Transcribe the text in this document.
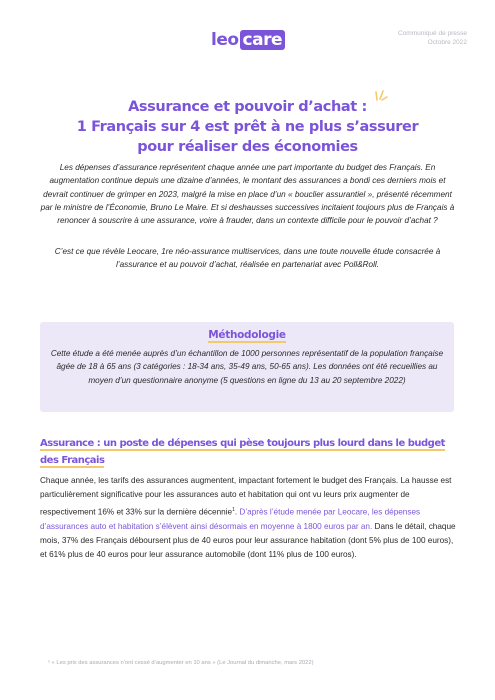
leo care	Communiqué de presse
Octobre 2022
Assurance et pouvoir d’achat :
1 Français sur 4 est prêt à ne plus s’assurer
pour réaliser des économies
Les dépenses d’assurance représentent chaque année une part importante du budget des Français. En augmentation continue depuis une dizaine d’années, le montant des assurances a bondi ces derniers mois et devrait continuer de grimper en 2023, malgré la mise en place d’un « bouclier assurantiel », présenté récemment par le ministre de l’Économie, Bruno Le Maire. Et si deshausses successives incitaient toujours plus de Français à renoncer à souscrire à une assurance, voire à frauder, dans un contexte difficile pour le pouvoir d’achat ?
C’est ce que révèle Leocare, 1re néo-assurance multiservices, dans une toute nouvelle étude consacrée à l’assurance et au pouvoir d’achat, réalisée en partenariat avec Poll&Roll.
Méthodologie
Cette étude a été menée auprès d’un échantillon de 1000 personnes représentatif de la population française âgée de 18 à 65 ans (3 catégories : 18-34 ans, 35-49 ans, 50-65 ans). Les données ont été recueillies au moyen d’un questionnaire anonyme (5 questions en ligne du 13 au 20 septembre 2022)
Assurance : un poste de dépenses qui pèse toujours plus lourd dans le budget des Français
Chaque année, les tarifs des assurances augmentent, impactant fortement le budget des Français. La hausse est particulièrement significative pour les assurances auto et habitation qui ont vu leurs prix augmenter de respectivement 16% et 33% sur la dernière décennie$^1$. D’après l’étude menée par Leocare, les dépenses d’assurances auto et habitation s’élèvent ainsi désormais en moyenne à 1800 euros par an. Dans le détail, chaque mois, 37% des Français déboursent plus de 40 euros pour leur assurance habitation (dont 5% plus de 100 euros), et 61% plus de 40 euros pour leur assurance automobile (dont 11% plus de 100 euros).
¹ « Les prix des assurances n’ont cessé d’augmenter en 10 ans » (Le Journal du dimanche, mars 2022)
